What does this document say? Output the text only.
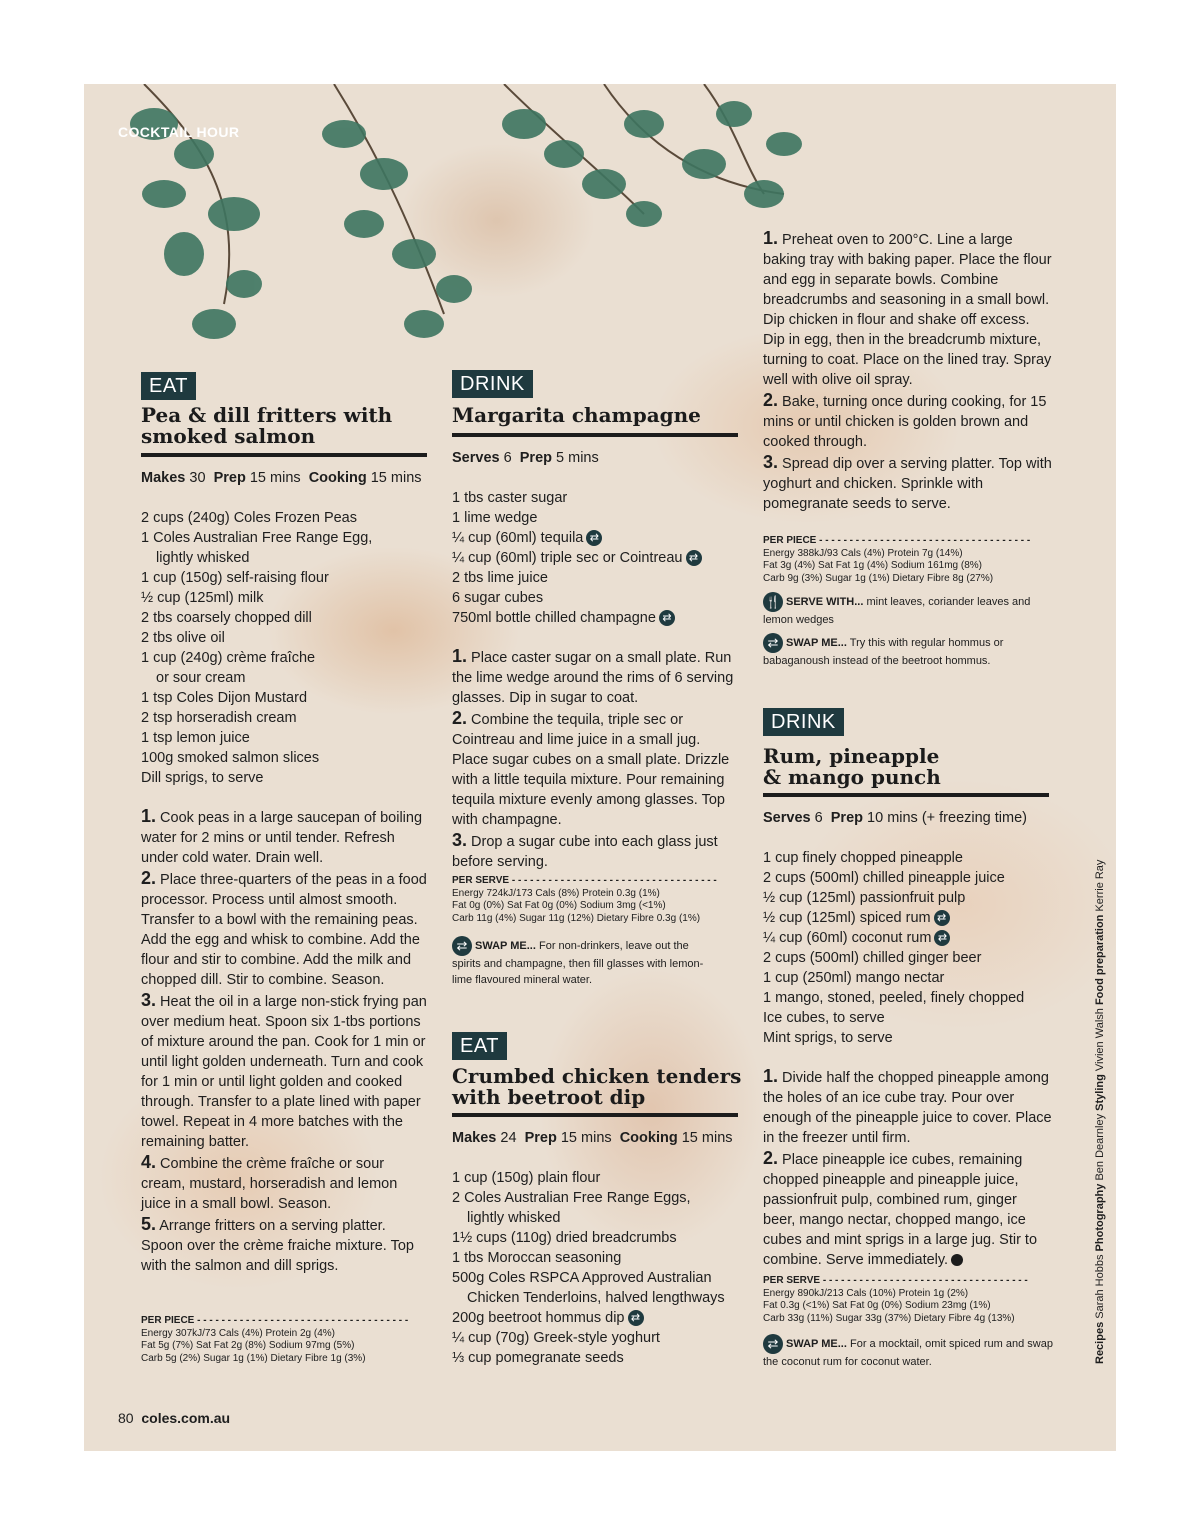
COCKTAIL HOUR
EAT
Pea & dill fritters with
smoked salmon
Makes 30 Prep 15 mins Cooking 15 mins
2 cups (240g) Coles Frozen Peas
1 Coles Australian Free Range Egg,
lightly whisked
1 cup (150g) self-raising flour
½ cup (125ml) milk
2 tbs coarsely chopped dill
2 tbs olive oil
1 cup (240g) crème fraîche
or sour cream
1 tsp Coles Dijon Mustard
2 tsp horseradish cream
1 tsp lemon juice
100g smoked salmon slices
Dill sprigs, to serve

1. Cook peas in a large saucepan of boiling water for 2 mins or until tender. Refresh under cold water. Drain well.

2. Place three-quarters of the peas in a food processor. Process until almost smooth. Transfer to a bowl with the remaining peas. Add the egg and whisk to combine. Add the flour and stir to combine. Add the milk and chopped dill. Stir to combine. Season.

3. Heat the oil in a large non-stick frying pan over medium heat. Spoon six 1-tbs portions of mixture around the pan. Cook for 1 min or until light golden underneath. Turn and cook for 1 min or until light golden and cooked through. Transfer to a plate lined with paper towel. Repeat in 4 more batches with the remaining batter.

4. Combine the crème fraîche or sour cream, mustard, horseradish and lemon juice in a small bowl. Season.

5. Arrange fritters on a serving platter. Spoon over the crème fraiche mixture. Top with the salmon and dill sprigs.

PER PIECE - - - - - - - - - - - - - - - - - - - - - - - - - - - - - - - - - - -
Energy 307kJ/73 Cals (4%) Protein 2g (4%)
Fat 5g (7%) Sat Fat 2g (8%) Sodium 97mg (5%)
Carb 5g (2%) Sugar 1g (1%) Dietary Fibre 1g (3%)
DRINK
Margarita champagne
Serves 6 Prep 5 mins
1 tbs caster sugar
1 lime wedge
¼ cup (60ml) tequila ⇄
¼ cup (60ml) triple sec or Cointreau ⇄
2 tbs lime juice
6 sugar cubes
750ml bottle chilled champagne ⇄

1. Place caster sugar on a small plate. Run the lime wedge around the rims of 6 serving glasses. Dip in sugar to coat.

2. Combine the tequila, triple sec or Cointreau and lime juice in a small jug. Place sugar cubes on a small plate. Drizzle with a little tequila mixture. Pour remaining tequila mixture evenly among glasses. Top with champagne.

3. Drop a sugar cube into each glass just before serving.

PER SERVE - - - - - - - - - - - - - - - - - - - - - - - - - - - - - - - - - -
Energy 724kJ/173 Cals (8%) Protein 0.3g (1%)
Fat 0g (0%) Sat Fat 0g (0%) Sodium 3mg (<1%)
Carb 11g (4%) Sugar 11g (12%) Dietary Fibre 0.3g (1%)
⇄ SWAP ME... For non-drinkers, leave out the spirits and champagne, then fill glasses with lemon-lime flavoured mineral water.
EAT
Crumbed chicken tenders
with beetroot dip
Makes 24 Prep 15 mins Cooking 15 mins
1 cup (150g) plain flour
2 Coles Australian Free Range Eggs,
lightly whisked
1½ cups (110g) dried breadcrumbs
1 tbs Moroccan seasoning
500g Coles RSPCA Approved Australian
Chicken Tenderloins, halved lengthways
200g beetroot hommus dip ⇄
¼ cup (70g) Greek-style yoghurt
⅓ cup pomegranate seeds

1. Preheat oven to 200°C. Line a large baking tray with baking paper. Place the flour and egg in separate bowls. Combine breadcrumbs and seasoning in a small bowl. Dip chicken in flour and shake off excess. Dip in egg, then in the breadcrumb mixture, turning to coat. Place on the lined tray. Spray well with olive oil spray.

2. Bake, turning once during cooking, for 15 mins or until chicken is golden brown and cooked through.

3. Spread dip over a serving platter. Top with yoghurt and chicken. Sprinkle with pomegranate seeds to serve.

PER PIECE - - - - - - - - - - - - - - - - - - - - - - - - - - - - - - - - - - -
Energy 388kJ/93 Cals (4%) Protein 7g (14%)
Fat 3g (4%) Sat Fat 1g (4%) Sodium 161mg (8%)
Carb 9g (3%) Sugar 1g (1%) Dietary Fibre 8g (27%)
🍴 SERVE WITH... mint leaves, coriander leaves and lemon wedges
⇄ SWAP ME... Try this with regular hommus or babaganoush instead of the beetroot hommus.
DRINK
Rum, pineapple
& mango punch
Serves 6 Prep 10 mins (+ freezing time)
1 cup finely chopped pineapple
2 cups (500ml) chilled pineapple juice
½ cup (125ml) passionfruit pulp
½ cup (125ml) spiced rum ⇄
¼ cup (60ml) coconut rum ⇄
2 cups (500ml) chilled ginger beer
1 cup (250ml) mango nectar
1 mango, stoned, peeled, finely chopped
Ice cubes, to serve
Mint sprigs, to serve

1. Divide half the chopped pineapple among the holes of an ice cube tray. Pour over enough of the pineapple juice to cover. Place in the freezer until firm.

2. Place pineapple ice cubes, remaining chopped pineapple and pineapple juice, passionfruit pulp, combined rum, ginger beer, mango nectar, chopped mango, ice cubes and mint sprigs in a large jug. Stir to combine. Serve immediately.

PER SERVE - - - - - - - - - - - - - - - - - - - - - - - - - - - - - - - - - -
Energy 890kJ/213 Cals (10%) Protein 1g (2%)
Fat 0.3g (<1%) Sat Fat 0g (0%) Sodium 23mg (1%)
Carb 33g (11%) Sugar 33g (37%) Dietary Fibre 4g (13%)
⇄ SWAP ME... For a mocktail, omit spiced rum and swap the coconut rum for coconut water.	Recipes Sarah Hobbs Photography Ben Dearnley Styling Vivien Walsh Food preparation Kerrie Ray
80 coles.com.au
